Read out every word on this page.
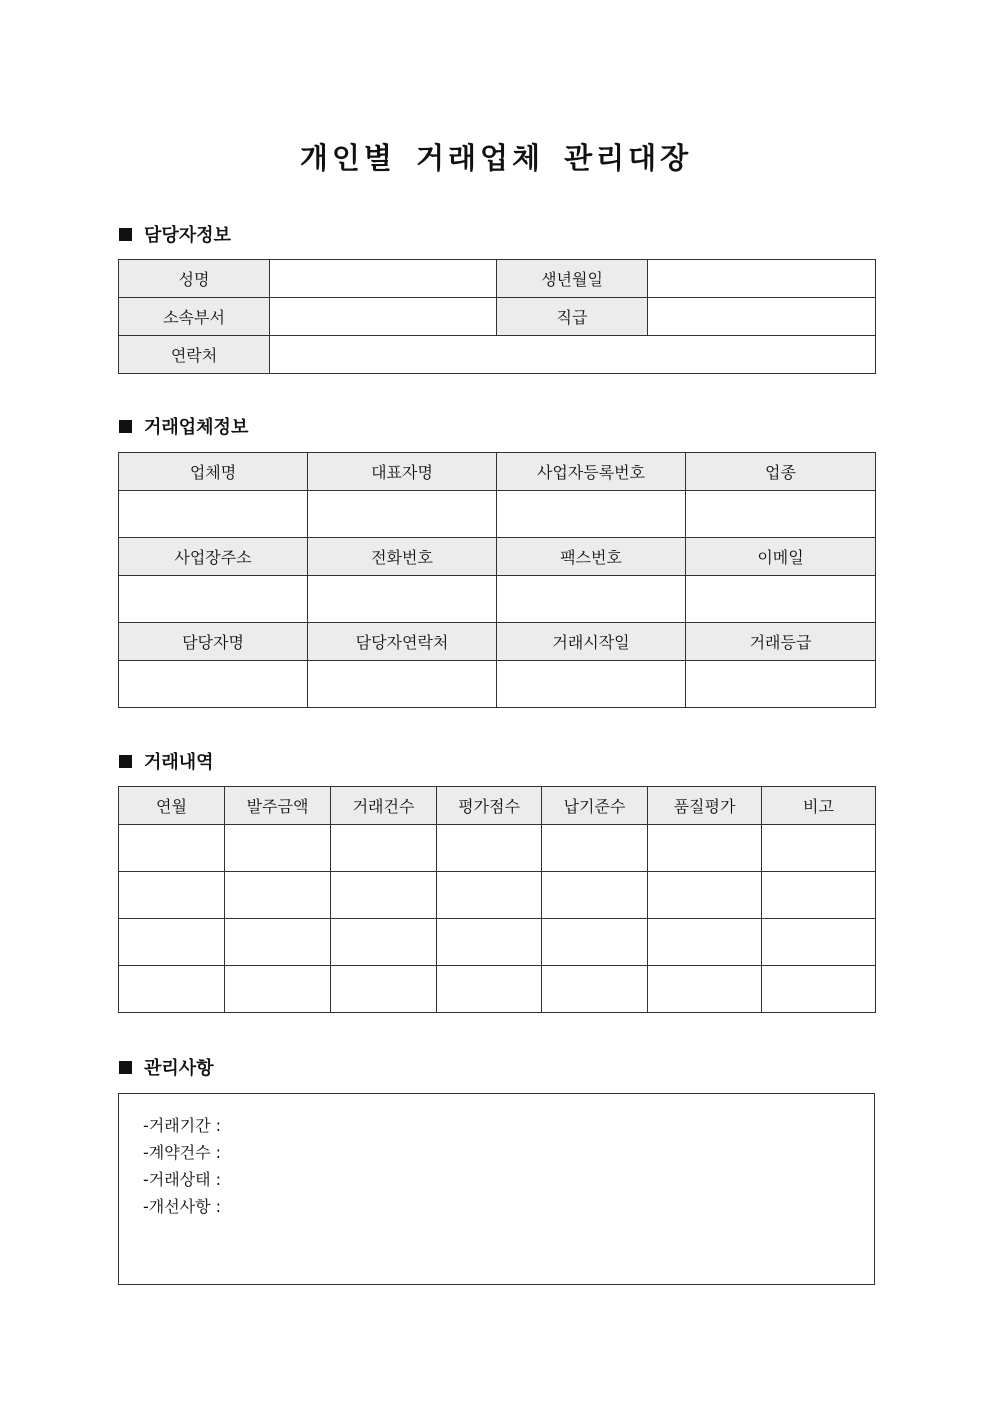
개인별 거래업체 관리대장
담당자정보
성명		생년월일	
소속부서		직급	
연락처			
거래업체정보
업체명	대표자명	사업자등록번호	업종

사업장주소	전화번호	팩스번호	이메일

담당자명	담당자연락처	거래시작일	거래등급

거래내역
연월	발주금액	거래건수	평가점수	납기준수	품질평가	비고

관리사항
-거래기간 :
-계약건수 :
-거래상태 :
-개선사항 :
